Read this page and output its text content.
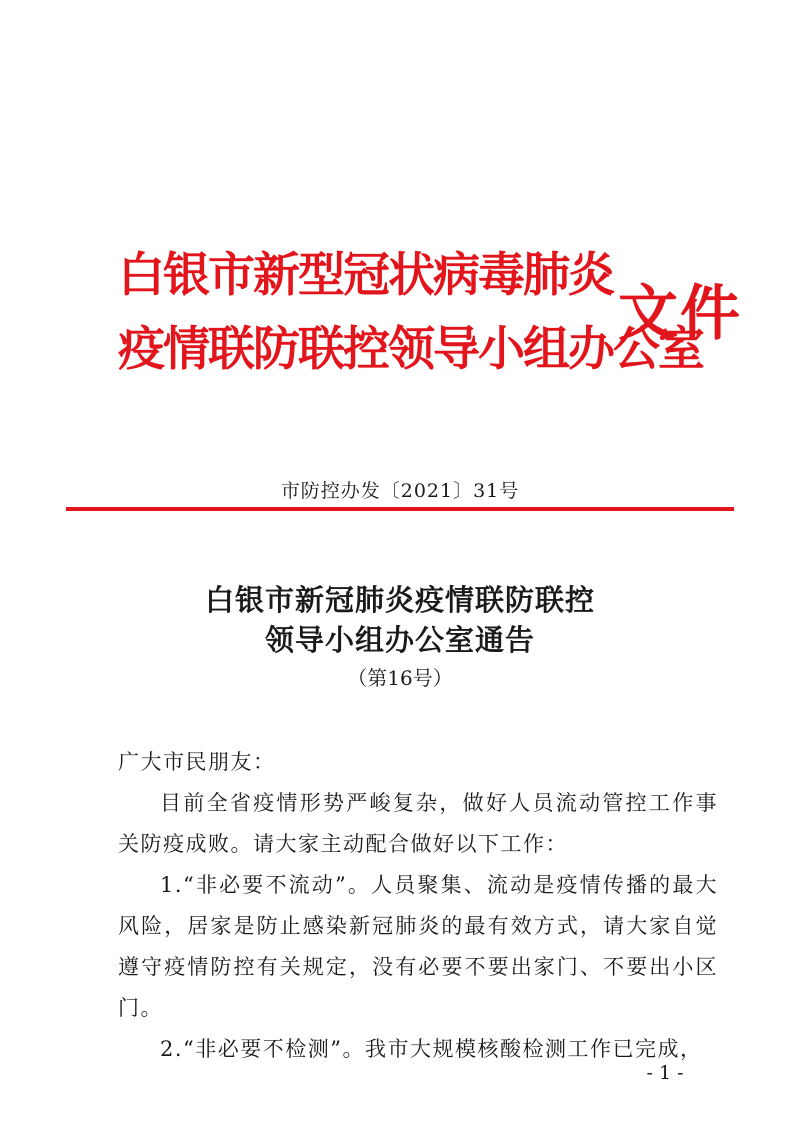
白银市新型冠状病毒肺炎
疫情联防联控领导小组办公室
文件
市防控办发〔2021〕31号
白银市新冠肺炎疫情联防联控
领导小组办公室通告
（第16号）

广大市民朋友：

目前全省疫情形势严峻复杂，做好人员流动管控工作事关防疫成败。请大家主动配合做好以下工作：

1.“非必要不流动”。人员聚集、流动是疫情传播的最大风险，居家是防止感染新冠肺炎的最有效方式，请大家自觉遵守疫情防控有关规定，没有必要不要出家门、不要出小区门。

2.“非必要不检测”。我市大规模核酸检测工作已完成，

- 1 -
